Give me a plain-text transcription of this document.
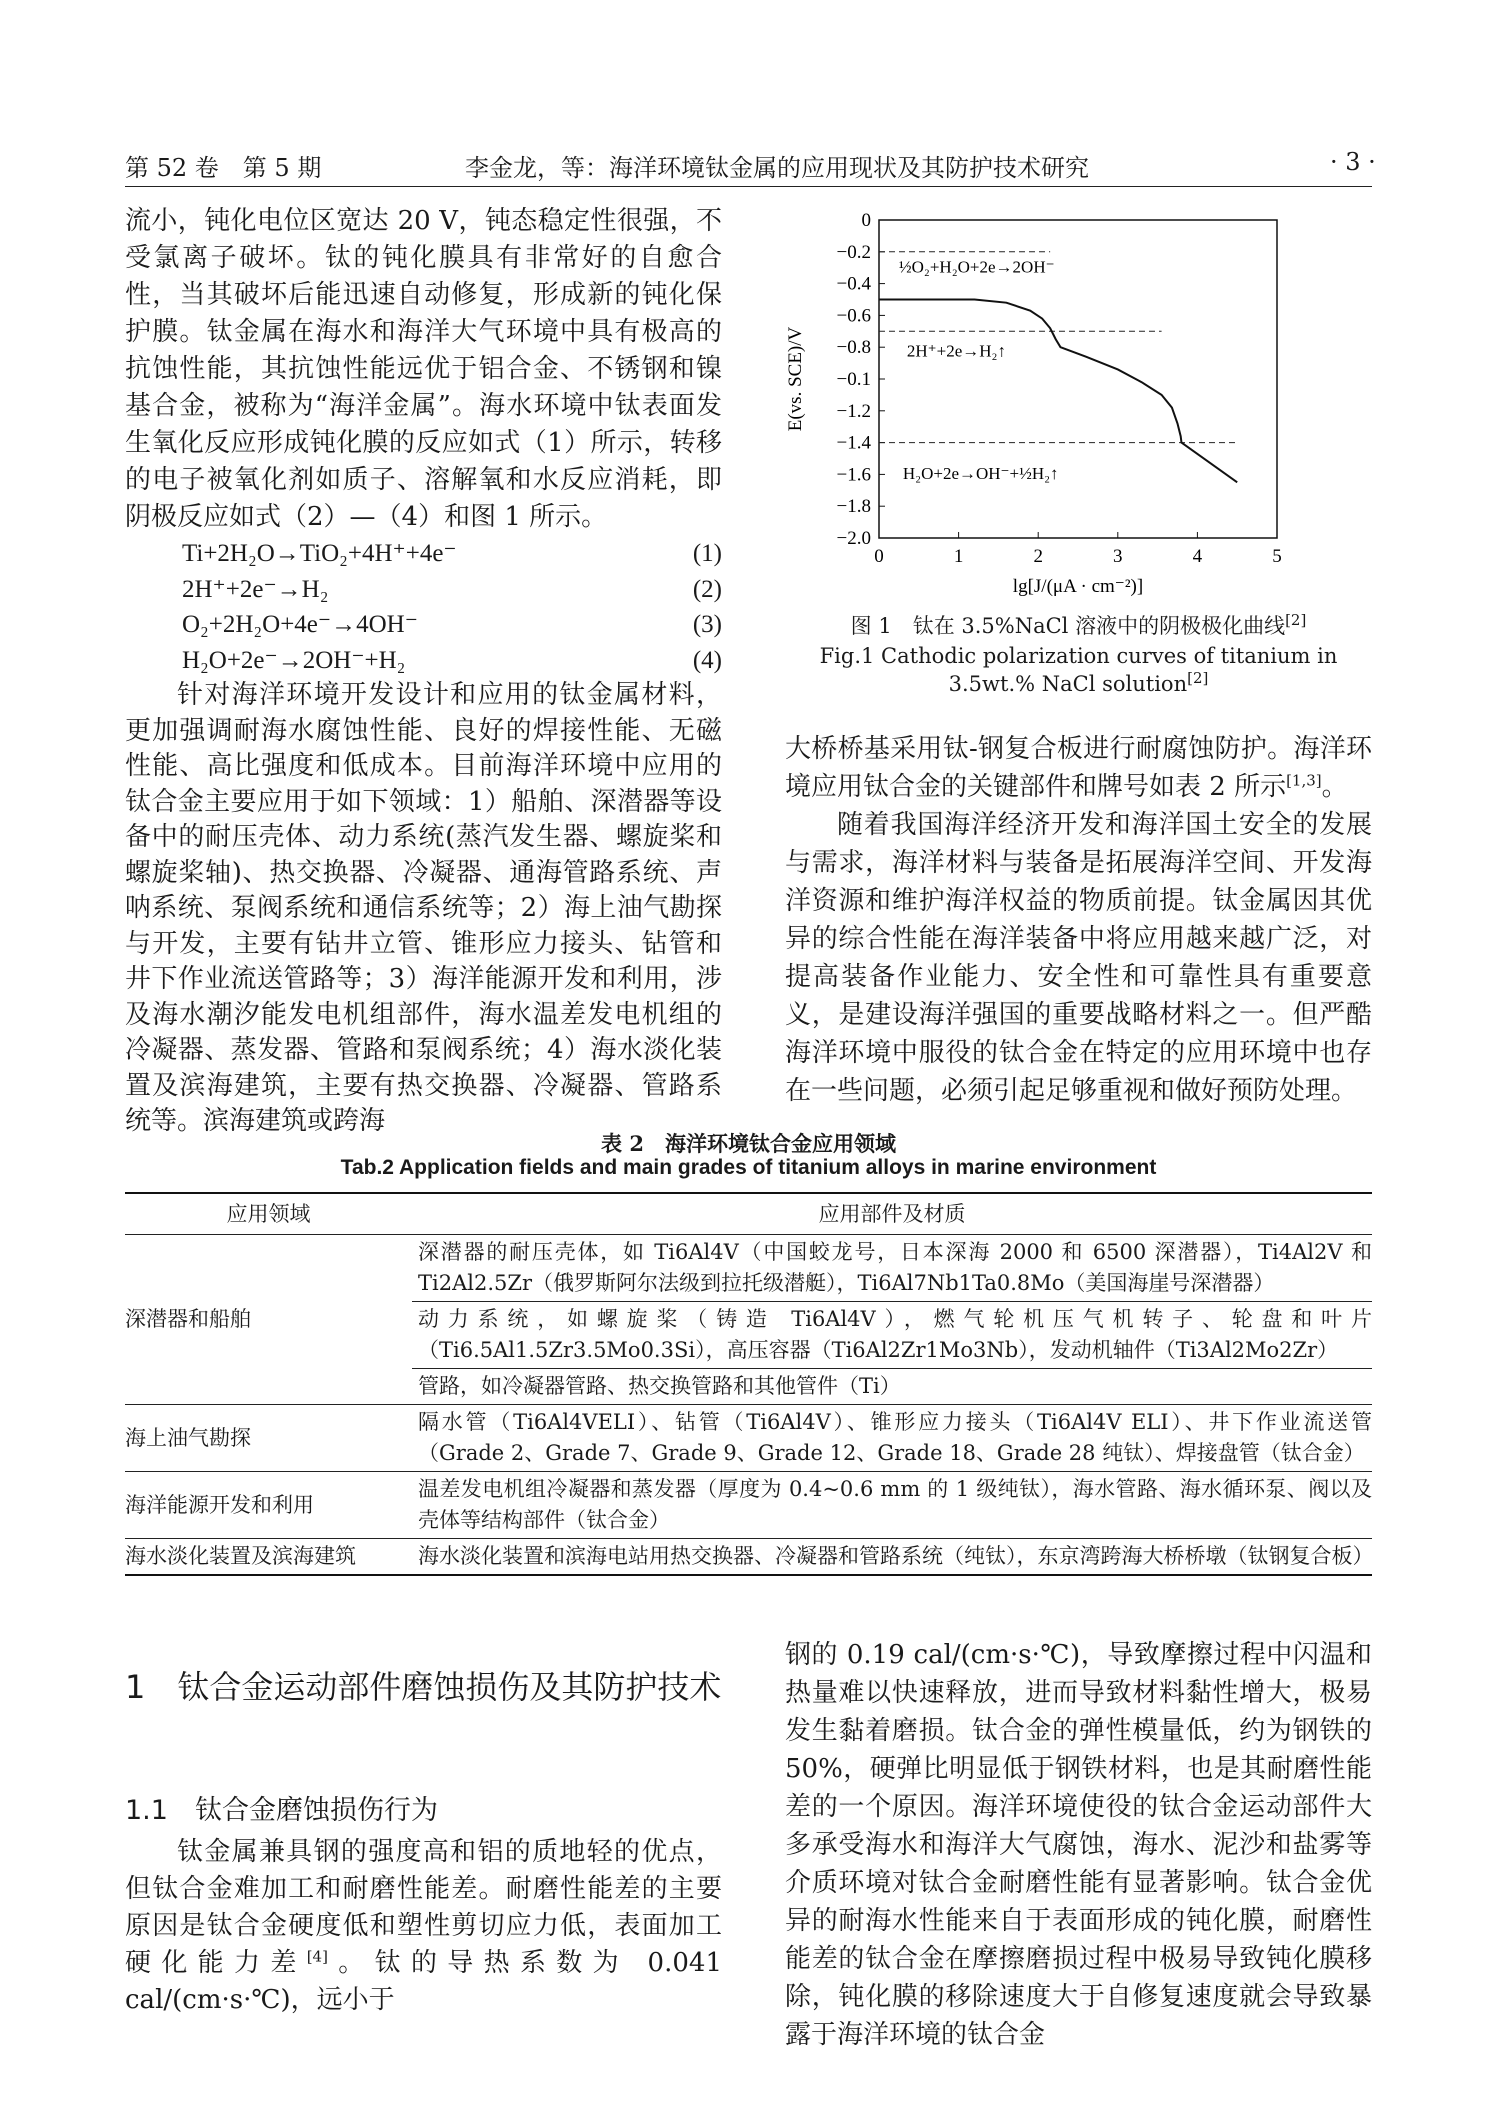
第 52 卷　第 5 期	李金龙，等：海洋环境钛金属的应用现状及其防护技术研究	· 3 ·

流小，钝化电位区宽达 20 V，钝态稳定性很强，不受氯离子破坏。钛的钝化膜具有非常好的自愈合性，当其破坏后能迅速自动修复，形成新的钝化保护膜。钛金属在海水和海洋大气环境中具有极高的抗蚀性能，其抗蚀性能远优于铝合金、不锈钢和镍基合金，被称为“海洋金属”。海水环境中钛表面发生氧化反应形成钝化膜的反应如式（1）所示，转移的电子被氧化剂如质子、溶解氧和水反应消耗，即阴极反应如式（2）—（4）和图 1 所示。

Ti+2H₂O→TiO₂+4H⁺+4e⁻	(1)
2H⁺+2e⁻→H₂	(2)
O₂+2H₂O+4e⁻→4OH⁻	(3)
H₂O+2e⁻→2OH⁻+H₂	(4)

针对海洋环境开发设计和应用的钛金属材料，更加强调耐海水腐蚀性能、良好的焊接性能、无磁性能、高比强度和低成本。目前海洋环境中应用的钛合金主要应用于如下领域：1）船舶、深潜器等设备中的耐压壳体、动力系统(蒸汽发生器、螺旋桨和螺旋桨轴)、热交换器、冷凝器、通海管路系统、声呐系统、泵阀系统和通信系统等；2）海上油气勘探与开发，主要有钻井立管、锥形应力接头、钻管和井下作业流送管路等；3）海洋能源开发和利用，涉及海水潮汐能发电机组部件，海水温差发电机组的冷凝器、蒸发器、管路和泵阀系统；4）海水淡化装置及滨海建筑，主要有热交换器、冷凝器、管路系统等。滨海建筑或跨海

0	1	2	3	4	5
0
−0.2
−0.4
−0.6
−0.8
−0.1
−1.2
−1.4
−1.6
−1.8
−2.0
½O₂+H₂O+2e→2OH⁻
2H⁺+2e→H₂↑
H₂O+2e→OH⁻+½H₂↑
lg[J/(μA · cm⁻²)]
E(vs. SCE)/V
图 1　钛在 3.5%NaCl 溶液中的阴极极化曲线[2]
Fig.1 Cathodic polarization curves of titanium in
3.5wt.% NaCl solution[2]

大桥桥基采用钛-钢复合板进行耐腐蚀防护。海洋环境应用钛合金的关键部件和牌号如表 2 所示[1,3]。

随着我国海洋经济开发和海洋国土安全的发展与需求，海洋材料与装备是拓展海洋空间、开发海洋资源和维护海洋权益的物质前提。钛金属因其优异的综合性能在海洋装备中将应用越来越广泛，对提高装备作业能力、安全性和可靠性具有重要意义，是建设海洋强国的重要战略材料之一。但严酷海洋环境中服役的钛合金在特定的应用环境中也存在一些问题，必须引起足够重视和做好预防处理。

表 2　海洋环境钛合金应用领域
Tab.2 Application fields and main grades of titanium alloys in marine environment
应用领域	应用部件及材质
深潜器和船舶	深潜器的耐压壳体，如 Ti6Al4V（中国蛟龙号，日本深海 2000 和 6500 深潜器），Ti4Al2V 和 Ti2Al2.5Zr（俄罗斯阿尔法级到拉托级潜艇），Ti6Al7Nb1Ta0.8Mo（美国海崖号深潜器）
	动力系统，如螺旋桨（铸造 Ti6Al4V），燃气轮机压气机转子、轮盘和叶片（Ti6.5Al1.5Zr3.5Mo0.3Si），高压容器（Ti6Al2Zr1Mo3Nb），发动机轴件（Ti3Al2Mo2Zr）
	管路，如冷凝器管路、热交换管路和其他管件（Ti）
海上油气勘探	隔水管（Ti6Al4VELI）、钻管（Ti6Al4V）、锥形应力接头（Ti6Al4V ELI）、井下作业流送管（Grade 2、Grade 7、Grade 9、Grade 12、Grade 18、Grade 28 纯钛）、焊接盘管（钛合金）
海洋能源开发和利用	温差发电机组冷凝器和蒸发器（厚度为 0.4~0.6 mm 的 1 级纯钛），海水管路、海水循环泵、阀以及壳体等结构部件（钛合金）
海水淡化装置及滨海建筑	海水淡化装置和滨海电站用热交换器、冷凝器和管路系统（纯钛），东京湾跨海大桥桥墩（钛钢复合板）
1　钛合金运动部件磨蚀损伤及其防护技术
1.1　钛合金磨蚀损伤行为

钛金属兼具钢的强度高和铝的质地轻的优点，但钛合金难加工和耐磨性能差。耐磨性能差的主要原因是钛合金硬度低和塑性剪切应力低，表面加工硬化能力差[4]。钛的导热系数为 0.041 cal/(cm·s·℃)，远小于

钢的 0.19 cal/(cm·s·℃)，导致摩擦过程中闪温和热量难以快速释放，进而导致材料黏性增大，极易发生黏着磨损。钛合金的弹性模量低，约为钢铁的 50%，硬弹比明显低于钢铁材料，也是其耐磨性能差的一个原因。海洋环境使役的钛合金运动部件大多承受海水和海洋大气腐蚀，海水、泥沙和盐雾等介质环境对钛合金耐磨性能有显著影响。钛合金优异的耐海水性能来自于表面形成的钝化膜，耐磨性能差的钛合金在摩擦磨损过程中极易导致钝化膜移除，钝化膜的移除速度大于自修复速度就会导致暴露于海洋环境的钛合金
